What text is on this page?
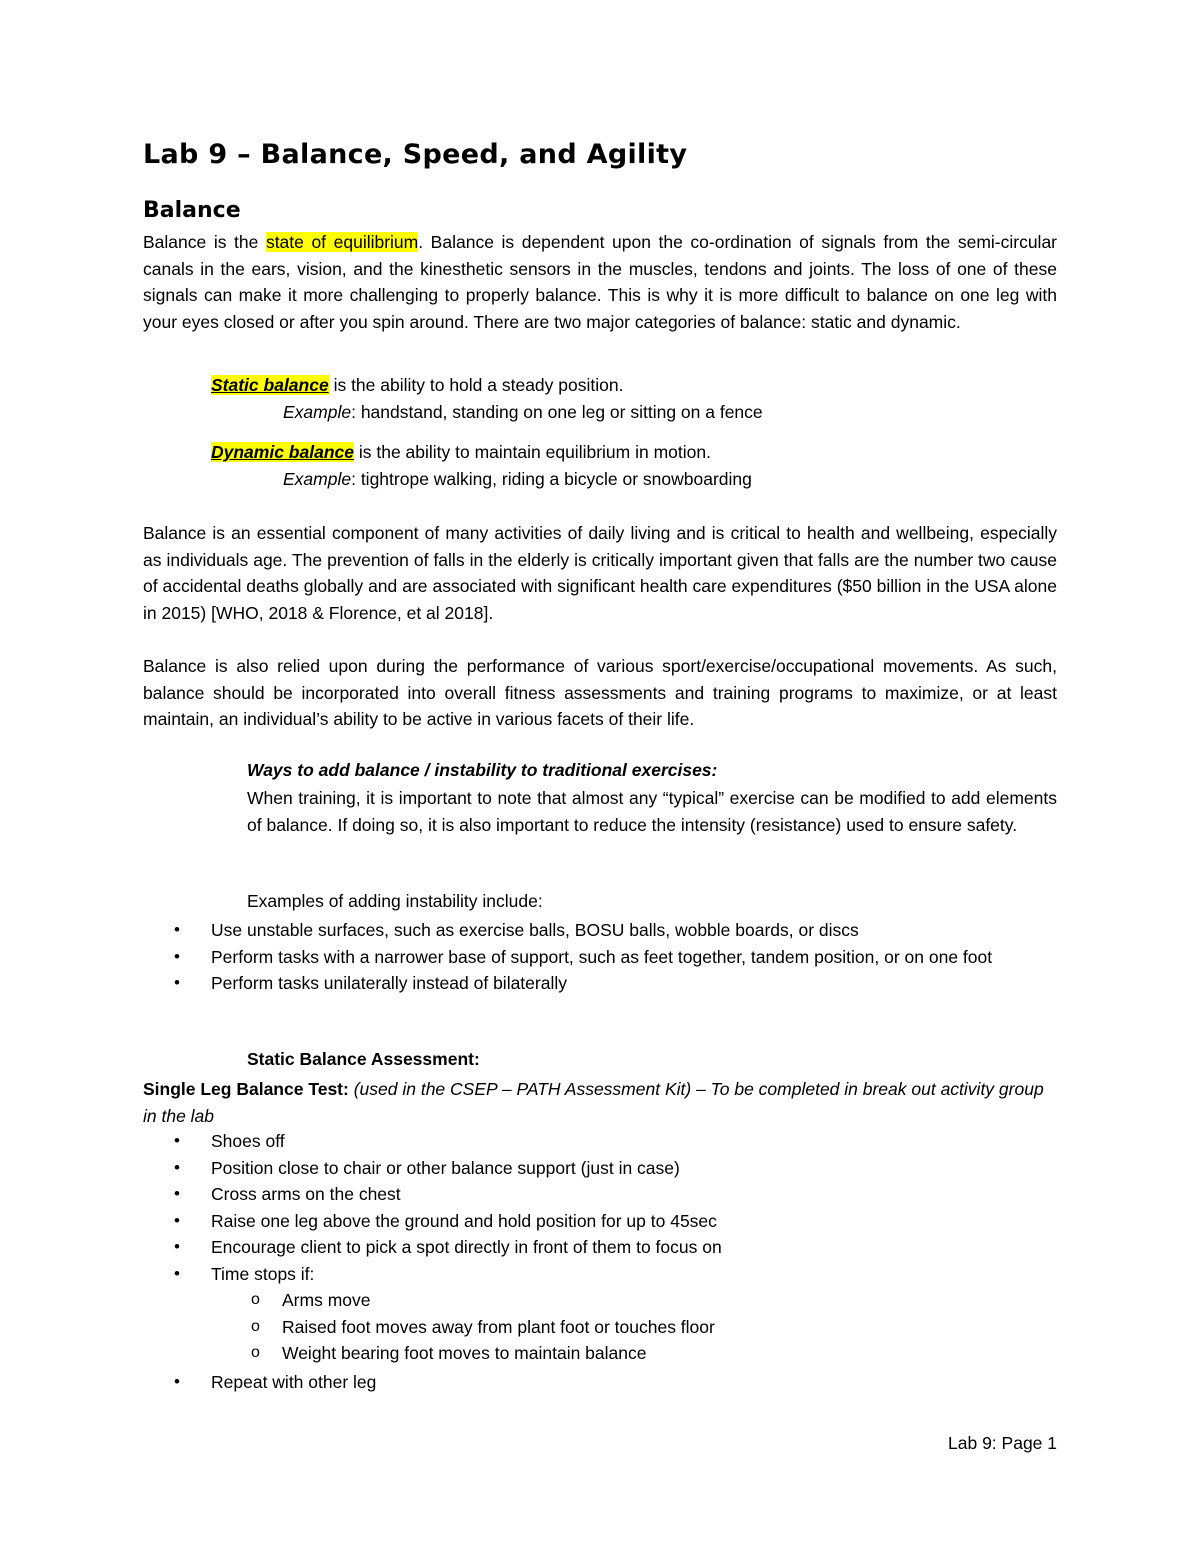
Lab 9 – Balance, Speed, and Agility
Balance
Balance is the state of equilibrium. Balance is dependent upon the co-ordination of signals from the semi-circular canals in the ears, vision, and the kinesthetic sensors in the muscles, tendons and joints. The loss of one of these signals can make it more challenging to properly balance. This is why it is more difficult to balance on one leg with your eyes closed or after you spin around. There are two major categories of balance: static and dynamic.
Static balance is the ability to hold a steady position.
Example: handstand, standing on one leg or sitting on a fence
Dynamic balance is the ability to maintain equilibrium in motion.
Example: tightrope walking, riding a bicycle or snowboarding
Balance is an essential component of many activities of daily living and is critical to health and wellbeing, especially as individuals age. The prevention of falls in the elderly is critically important given that falls are the number two cause of accidental deaths globally and are associated with significant health care expenditures ($50 billion in the USA alone in 2015) [WHO, 2018 & Florence, et al 2018].
Balance is also relied upon during the performance of various sport/exercise/occupational movements. As such, balance should be incorporated into overall fitness assessments and training programs to maximize, or at least maintain, an individual’s ability to be active in various facets of their life.
Ways to add balance / instability to traditional exercises:
When training, it is important to note that almost any “typical” exercise can be modified to add elements of balance. If doing so, it is also important to reduce the intensity (resistance) used to ensure safety.
Examples of adding instability include:
• Use unstable surfaces, such as exercise balls, BOSU balls, wobble boards, or discs
• Perform tasks with a narrower base of support, such as feet together, tandem position, or on one foot
• Perform tasks unilaterally instead of bilaterally
Static Balance Assessment:
Single Leg Balance Test: (used in the CSEP – PATH Assessment Kit) – To be completed in break out activity group in the lab
• Shoes off
• Position close to chair or other balance support (just in case)
• Cross arms on the chest
• Raise one leg above the ground and hold position for up to 45sec
• Encourage client to pick a spot directly in front of them to focus on
• Time stops if:
o Arms move
o Raised foot moves away from plant foot or touches floor
o Weight bearing foot moves to maintain balance
• Repeat with other leg
Lab 9: Page 1
